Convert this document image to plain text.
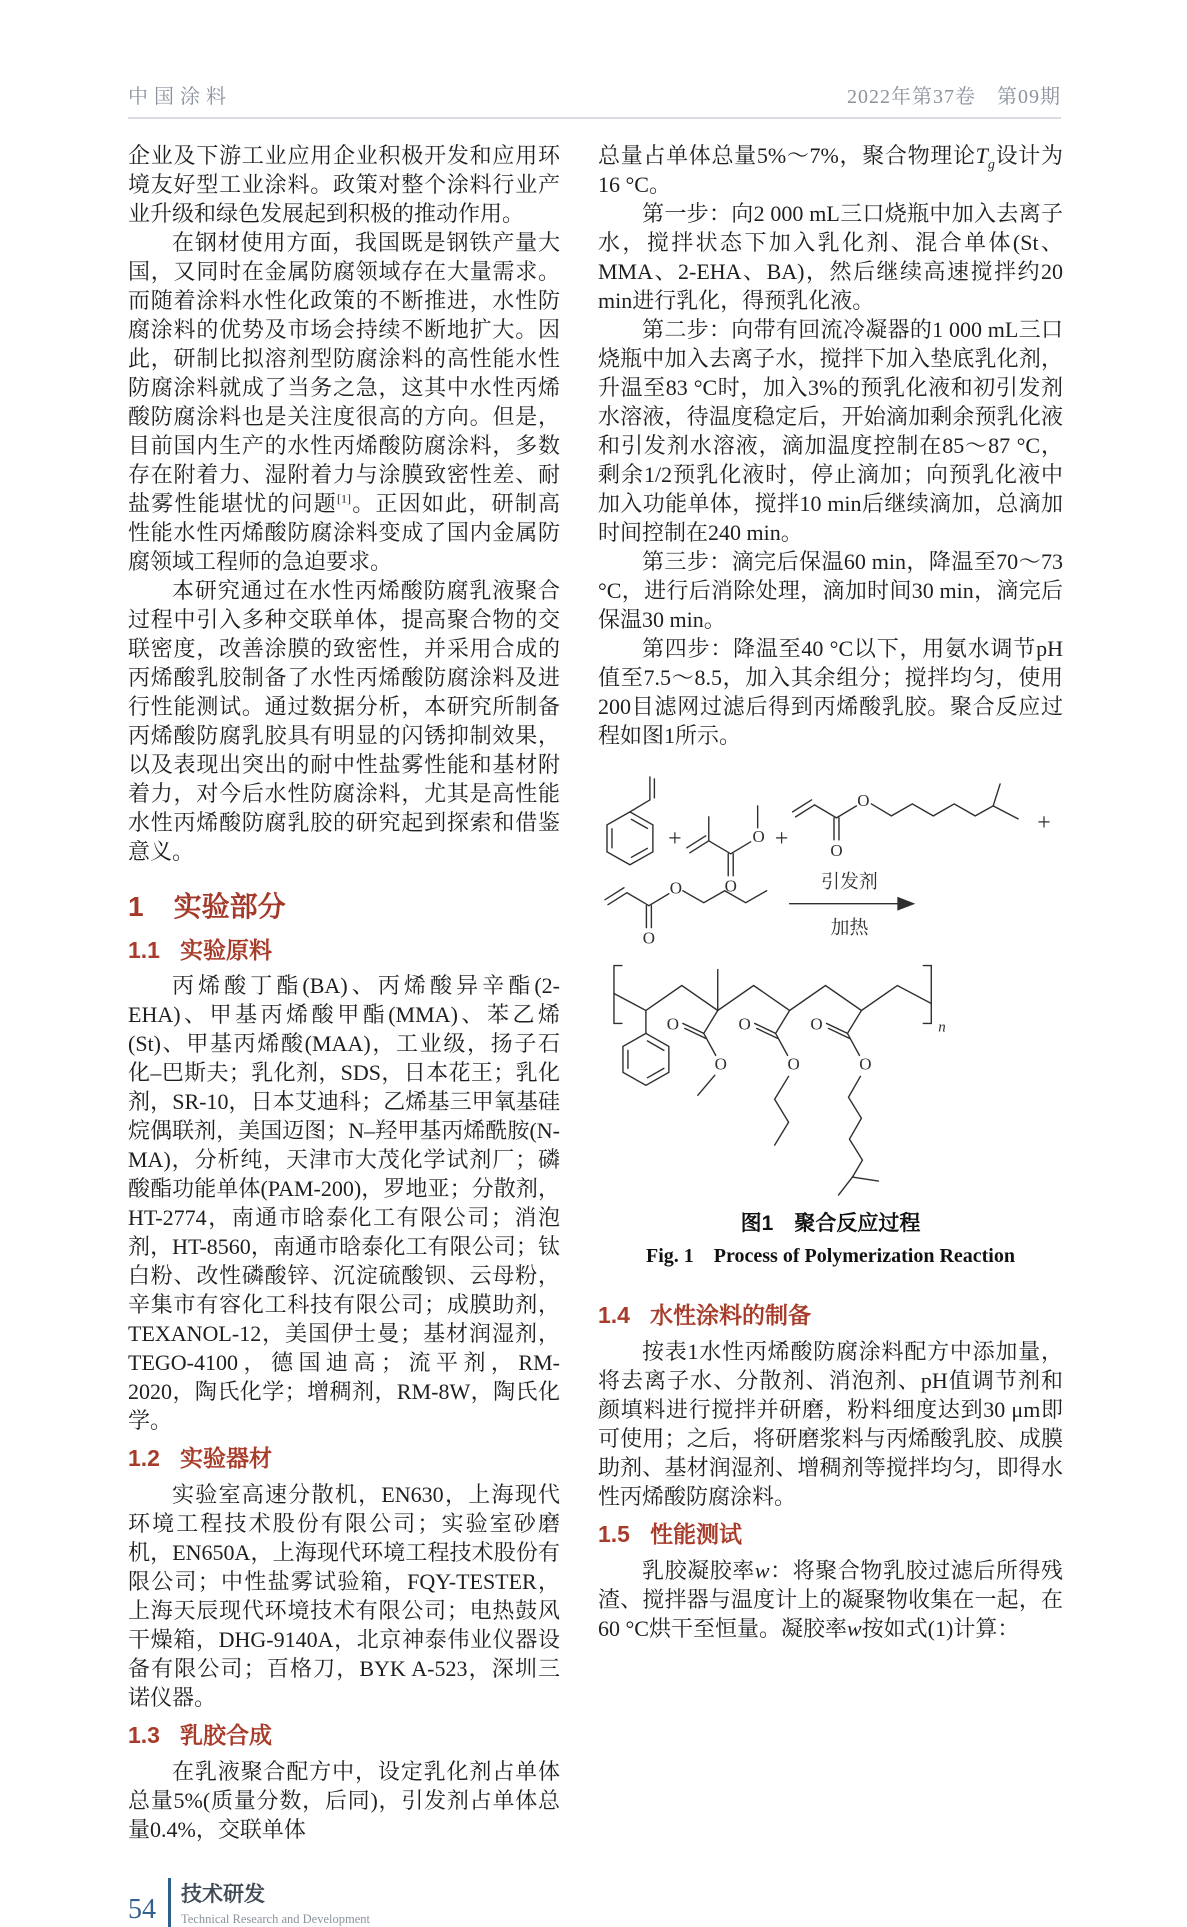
中国涂料	2022年第37卷　第09期

企业及下游工业应用企业积极开发和应用环境友好型工业涂料。政策对整个涂料行业产业升级和绿色发展起到积极的推动作用。

在钢材使用方面，我国既是钢铁产量大国，又同时在金属防腐领域存在大量需求。而随着涂料水性化政策的不断推进，水性防腐涂料的优势及市场会持续不断地扩大。因此，研制比拟溶剂型防腐涂料的高性能水性防腐涂料就成了当务之急，这其中水性丙烯酸防腐涂料也是关注度很高的方向。但是，目前国内生产的水性丙烯酸防腐涂料，多数存在附着力、湿附着力与涂膜致密性差、耐盐雾性能堪忧的问题[1]。正因如此，研制高性能水性丙烯酸防腐涂料变成了国内金属防腐领域工程师的急迫要求。

本研究通过在水性丙烯酸防腐乳液聚合过程中引入多种交联单体，提高聚合物的交联密度，改善涂膜的致密性，并采用合成的丙烯酸乳胶制备了水性丙烯酸防腐涂料及进行性能测试。通过数据分析，本研究所制备丙烯酸防腐乳胶具有明显的闪锈抑制效果，以及表现出突出的耐中性盐雾性能和基材附着力，对今后水性防腐涂料，尤其是高性能水性丙烯酸防腐乳胶的研究起到探索和借鉴意义。

1 实验部分
1.1 实验原料

丙烯酸丁酯(BA)、丙烯酸异辛酯(2-EHA)、甲基丙烯酸甲酯(MMA)、苯乙烯(St)、甲基丙烯酸(MAA)，工业级，扬子石化–巴斯夫；乳化剂，SDS，日本花王；乳化剂，SR-10，日本艾迪科；乙烯基三甲氧基硅烷偶联剂，美国迈图；N–羟甲基丙烯酰胺(N-MA)，分析纯，天津市大茂化学试剂厂；磷酸酯功能单体(PAM-200)，罗地亚；分散剂，HT-2774，南通市晗泰化工有限公司；消泡剂，HT-8560，南通市晗泰化工有限公司；钛白粉、改性磷酸锌、沉淀硫酸钡、云母粉，辛集市有容化工科技有限公司；成膜助剂，TEXANOL-12，美国伊士曼；基材润湿剂，TEGO-4100，德国迪高；流平剂，RM-2020，陶氏化学；增稠剂，RM-8W，陶氏化学。

1.2 实验器材

实验室高速分散机，EN630，上海现代环境工程技术股份有限公司；实验室砂磨机，EN650A，上海现代环境工程技术股份有限公司；中性盐雾试验箱，FQY-TESTER，上海天辰现代环境技术有限公司；电热鼓风干燥箱，DHG-9140A，北京神泰伟业仪器设备有限公司；百格刀，BYK A-523，深圳三诺仪器。

1.3 乳胶合成

在乳液聚合配方中，设定乳化剂占单体总量5%(质量分数，后同)，引发剂占单体总量0.4%，交联单体

总量占单体总量5%～7%，聚合物理论$T_g$设计为16 °C。

第一步：向2 000 mL三口烧瓶中加入去离子水，搅拌状态下加入乳化剂、混合单体(St、MMA、2-EHA、BA)，然后继续高速搅拌约20 min进行乳化，得预乳化液。

第二步：向带有回流冷凝器的1 000 mL三口烧瓶中加入去离子水，搅拌下加入垫底乳化剂，升温至83 °C时，加入3%的预乳化液和初引发剂水溶液，待温度稳定后，开始滴加剩余预乳化液和引发剂水溶液，滴加温度控制在85～87 °C，剩余1/2预乳化液时，停止滴加；向预乳化液中加入功能单体，搅拌10 min后继续滴加，总滴加时间控制在240 min。

第三步：滴完后保温60 min，降温至70～73 °C，进行后消除处理，滴加时间30 min，滴完后保温30 min。

第四步：降温至40 °C以下，用氨水调节pH值至7.5～8.5，加入其余组分；搅拌均匀，使用200目滤网过滤后得到丙烯酸乳胶。聚合反应过程如图1所示。

+
O
O + O
O
+
O
O	引发剂
加热
O
O
O
O
O
O
n
图1　聚合反应过程
Fig. 1　Process of Polymerization Reaction
1.4 水性涂料的制备

按表1水性丙烯酸防腐涂料配方中添加量，将去离子水、分散剂、消泡剂、pH值调节剂和颜填料进行搅拌并研磨，粉料细度达到30 μm即可使用；之后，将研磨浆料与丙烯酸乳胶、成膜助剂、基材润湿剂、增稠剂等搅拌均匀，即得水性丙烯酸防腐涂料。

1.5 性能测试

乳胶凝胶率w：将聚合物乳胶过滤后所得残渣、搅拌器与温度计上的凝聚物收集在一起，在60 °C烘干至恒量。凝胶率w按如式(1)计算：

54 技术研发
Technical Research and Development
